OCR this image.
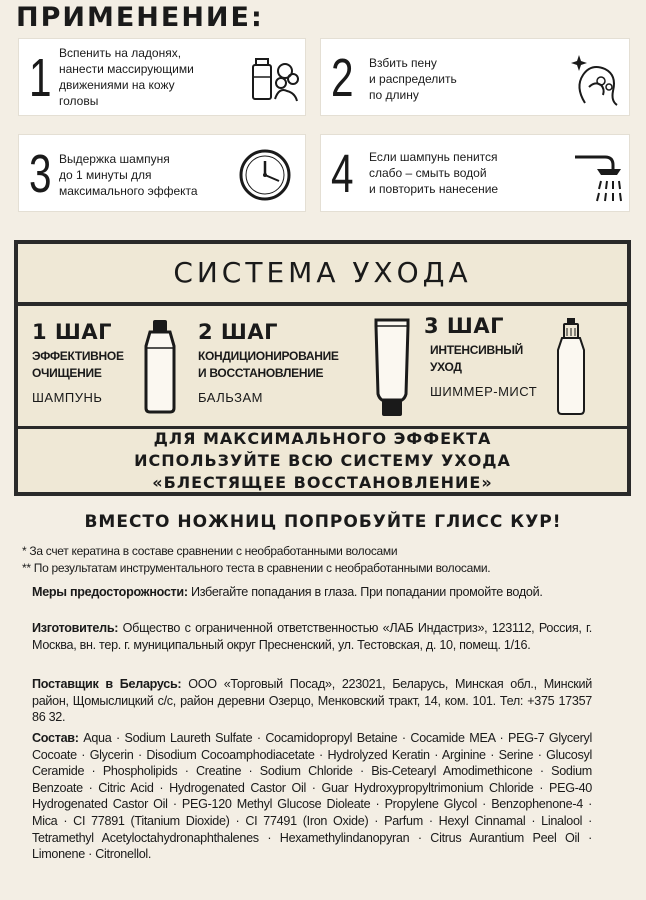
ПРИМЕНЕНИЕ:
1 Вспенить на ладонях,
нанести массирующими
движениями на кожу
головы	2 Взбить пену
и распределить
по длину
3 Выдержка шампуня
до 1 минуты для
максимального эффекта 4 Если шампунь пенится
слабо – смыть водой
и повторить нанесение
СИСТЕМА УХОДА
1 ШАГ
ЭФФЕКТИВНОЕ
ОЧИЩЕНИЕ
ШАМПУНЬ
2 ШАГ
КОНДИЦИОНИРОВАНИЕ
И ВОССТАНОВЛЕНИЕ
БАЛЬЗАМ
3 ШАГ
ИНТЕНСИВНЫЙ
УХОД
ШИММЕР-МИСТ
ДЛЯ МАКСИМАЛЬНОГО ЭФФЕКТА
ИСПОЛЬЗУЙТЕ ВСЮ СИСТЕМУ УХОДА
«БЛЕСТЯЩЕЕ ВОССТАНОВЛЕНИЕ»
ВМЕСТО НОЖНИЦ ПОПРОБУЙТЕ ГЛИСС КУР!
* За счет кератина в составе сравнении с необработанными волосами
** По результатам инструментального теста в сравнении с необработанными волосами.
Меры предосторожности: Избегайте попадания в глаза. При попадании промойте водой.
Изготовитель: Общество с ограниченной ответственностью «ЛАБ Индастриз», 123112, Россия, г. Москва, вн. тер. г. муниципальный округ Пресненский, ул. Тестовская, д. 10, помещ. 1/16.
Поставщик в Беларусь: ООО «Торговый Посад», 223021, Беларусь, Минская обл., Минский район, Щомыслицкий с/с, район деревни Озерцо, Менковский тракт, 14, ком. 101. Тел: +375 17357 86 32.
Состав: Aqua · Sodium Laureth Sulfate · Cocamidopropyl Betaine · Cocamide MEA · PEG-7 Glyceryl Cocoate · Glycerin · Disodium Cocoamphodiacetate · Hydrolyzed Keratin · Arginine · Serine · Glucosyl Ceramide · Phospholipids · Creatine · Sodium Chloride · Bis-Cetearyl Amodimethicone · Sodium Benzoate · Citric Acid · Hydrogenated Castor Oil · Guar Hydroxypropyltrimonium Chloride · PEG-40 Hydrogenated Castor Oil · PEG-120 Methyl Glucose Dioleate · Propylene Glycol · Benzophenone-4 · Mica · CI 77891 (Titanium Dioxide) · CI 77491 (Iron Oxide) · Parfum · Hexyl Cinnamal · Linalool · Tetramethyl Acetyloctahydronaphthalenes · Hexamethylindanopyran · Citrus Aurantium Peel Oil · Limonene · Citronellol.
